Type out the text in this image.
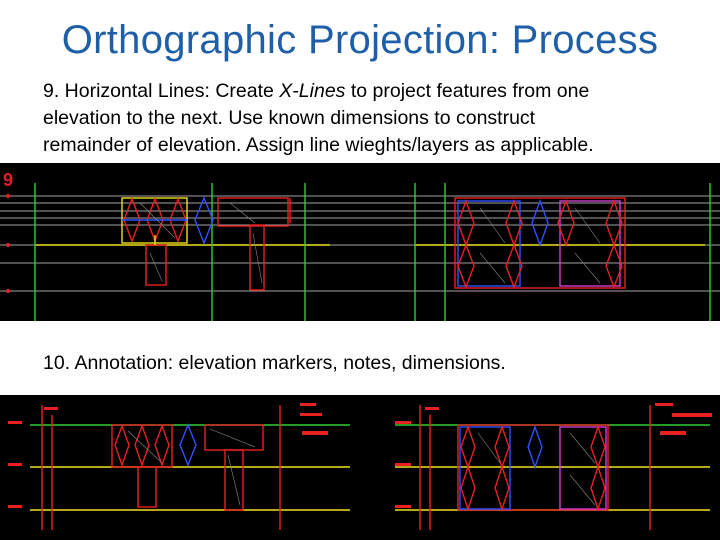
Orthographic Projection: Process
9. Horizontal Lines: Create X-Lines to project features from one
elevation to the next. Use known dimensions to construct
remainder of elevation. Assign line wieghts/layers as applicable.
9
10. Annotation: elevation markers, notes, dimensions.
